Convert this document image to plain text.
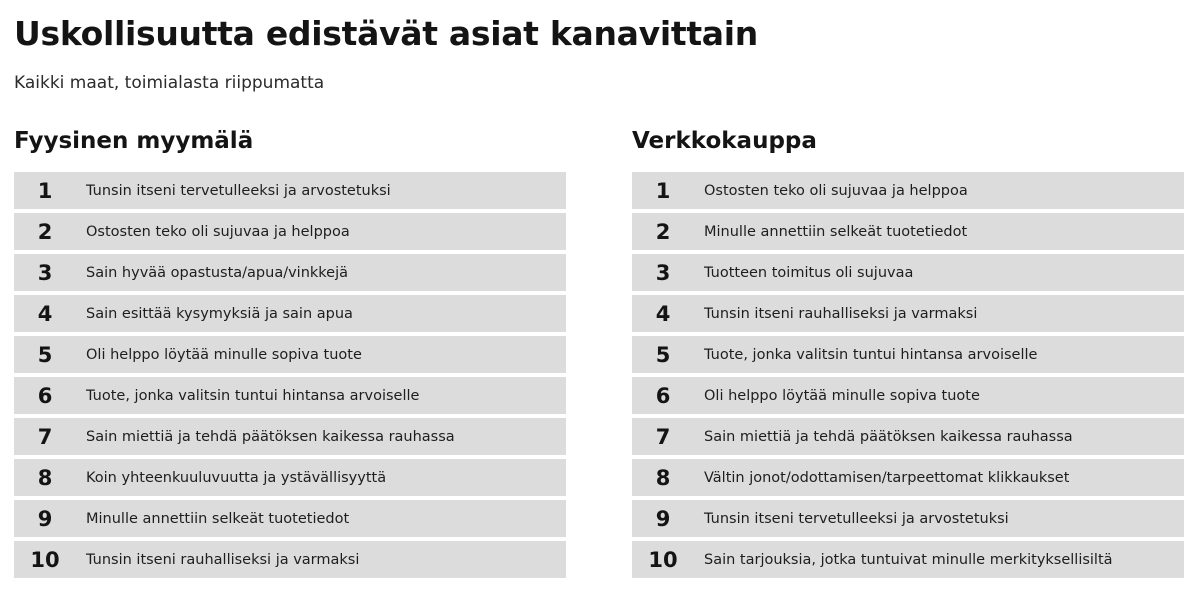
Uskollisuutta edistävät asiat kanavittain
Kaikki maat, toimialasta riippumatta
Fyysinen myymälä
1	Tunsin itseni tervetulleeksi ja arvostetuksi
2	Ostosten teko oli sujuvaa ja helppoa
3	Sain hyvää opastusta/apua/vinkkejä
4	Sain esittää kysymyksiä ja sain apua
5	Oli helppo löytää minulle sopiva tuote
6	Tuote, jonka valitsin tuntui hintansa arvoiselle
7	Sain miettiä ja tehdä päätöksen kaikessa rauhassa
8	Koin yhteenkuuluvuutta ja ystävällisyyttä
9	Minulle annettiin selkeät tuotetiedot
10	Tunsin itseni rauhalliseksi ja varmaksi
Verkkokauppa
1	Ostosten teko oli sujuvaa ja helppoa
2	Minulle annettiin selkeät tuotetiedot
3	Tuotteen toimitus oli sujuvaa
4	Tunsin itseni rauhalliseksi ja varmaksi
5	Tuote, jonka valitsin tuntui hintansa arvoiselle
6	Oli helppo löytää minulle sopiva tuote
7	Sain miettiä ja tehdä päätöksen kaikessa rauhassa
8	Vältin jonot/odottamisen/tarpeettomat klikkaukset
9	Tunsin itseni tervetulleeksi ja arvostetuksi
10	Sain tarjouksia, jotka tuntuivat minulle merkityksellisiltä
